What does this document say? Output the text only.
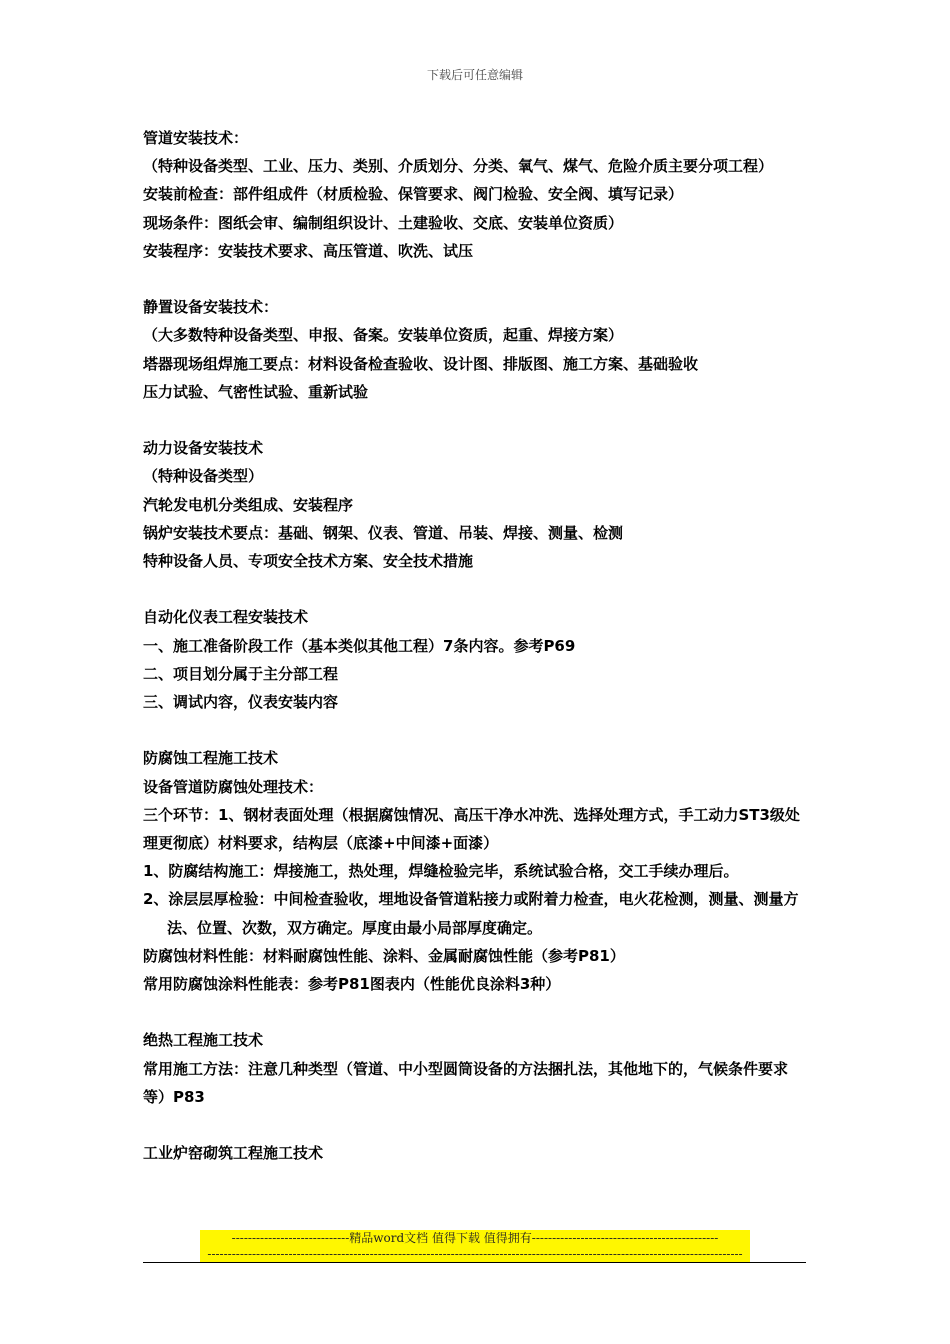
下载后可任意编辑
管道安装技术：
（特种设备类型、工业、压力、类别、介质划分、分类、氧气、煤气、危险介质主要分项工程）
安装前检查：部件组成件（材质检验、保管要求、阀门检验、安全阀、填写记录）
现场条件：图纸会审、编制组织设计、土建验收、交底、安装单位资质）
安装程序：安装技术要求、高压管道、吹洗、试压
静置设备安装技术：
（大多数特种设备类型、申报、备案。安装单位资质，起重、焊接方案）
塔器现场组焊施工要点：材料设备检查验收、设计图、排版图、施工方案、基础验收
压力试验、气密性试验、重新试验
动力设备安装技术
（特种设备类型）
汽轮发电机分类组成、安装程序
锅炉安装技术要点：基础、钢架、仪表、管道、吊装、焊接、测量、检测
特种设备人员、专项安全技术方案、安全技术措施
自动化仪表工程安装技术
一、施工准备阶段工作（基本类似其他工程）7条内容。参考P69
二、项目划分属于主分部工程
三、调试内容，仪表安装内容
防腐蚀工程施工技术
设备管道防腐蚀处理技术：
三个环节：1、钢材表面处理（根据腐蚀情况、高压干净水冲洗、选择处理方式，手工动力ST3级处理更彻底）材料要求，结构层（底漆+中间漆+面漆）
1、防腐结构施工：焊接施工，热处理，焊缝检验完毕，系统试验合格，交工手续办理后。
2、涂层层厚检验：中间检查验收，埋地设备管道粘接力或附着力检查，电火花检测，测量、测量方法、位置、次数，双方确定。厚度由最小局部厚度确定。
防腐蚀材料性能：材料耐腐蚀性能、涂料、金属耐腐蚀性能（参考P81）
常用防腐蚀涂料性能表：参考P81图表内（性能优良涂料3种）
绝热工程施工技术
常用施工方法：注意几种类型（管道、中小型圆筒设备的方法捆扎法，其他地下的，气候条件要求等）P83
工业炉窑砌筑工程施工技术
-----------------------------精品word文档 值得下载 值得拥有----------------------------------------------
------------------------------------------------------------------------------------------------------------------------------------
